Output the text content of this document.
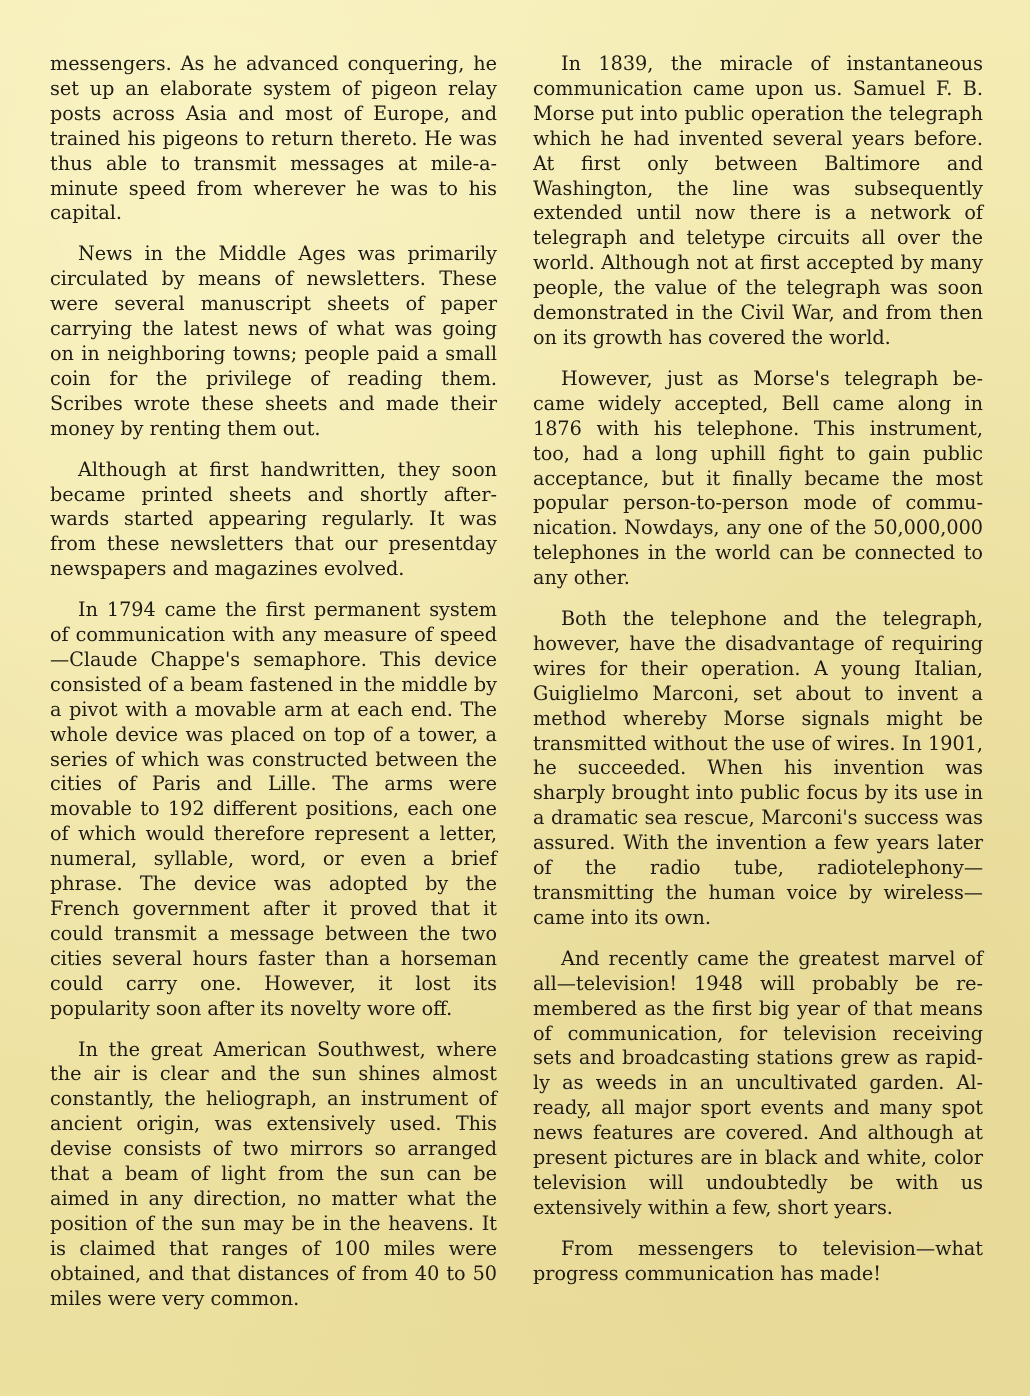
messengers. As he advanced conquering, he set up an elaborate system of pigeon relay posts across Asia and most of Europe, and trained his pigeons to return thereto. He was thus able to transmit messages at mile-a-minute speed from wherever he was to his capital.

News in the Middle Ages was primarily circulated by means of newsletters. These were several manuscript sheets of paper carrying the latest news of what was going on in neighboring towns; people paid a small coin for the privilege of reading them. Scribes wrote these sheets and made their money by renting them out.

Although at first handwritten, they soon became printed sheets and shortly afterwards started appearing regularly. It was from these newsletters that our presentday newspapers and magazines evolved.

In 1794 came the first permanent system of communication with any measure of speed—Claude Chappe's semaphore. This device consisted of a beam fastened in the middle by a pivot with a movable arm at each end. The whole device was placed on top of a tower, a series of which was constructed between the cities of Paris and Lille. The arms were movable to 192 different positions, each one of which would therefore represent a letter, numeral, syllable, word, or even a brief phrase. The device was adopted by the French government after it proved that it could transmit a message between the two cities several hours faster than a horseman could carry one. However, it lost its popularity soon after its novelty wore off.

In the great American Southwest, where the air is clear and the sun shines almost constantly, the heliograph, an instrument of ancient origin, was extensively used. This devise consists of two mirrors so arranged that a beam of light from the sun can be aimed in any direction, no matter what the position of the sun may be in the heavens. It is claimed that ranges of 100 miles were obtained, and that distances of from 40 to 50 miles were very common.

In 1839, the miracle of instantaneous communication came upon us. Samuel F. B. Morse put into public operation the telegraph which he had invented several years before. At first only between Baltimore and Washington, the line was subsequently extended until now there is a network of telegraph and teletype circuits all over the world. Although not at first accepted by many people, the value of the telegraph was soon demonstrated in the Civil War, and from then on its growth has covered the world.

However, just as Morse's telegraph became widely accepted, Bell came along in 1876 with his telephone. This instrument, too, had a long uphill fight to gain public acceptance, but it finally became the most popular person-to-person mode of communication. Nowdays, any one of the 50,000,000 telephones in the world can be connected to any other.

Both the telephone and the telegraph, however, have the disadvantage of requiring wires for their operation. A young Italian, Guiglielmo Marconi, set about to invent a method whereby Morse signals might be transmitted without the use of wires. In 1901, he succeeded. When his invention was sharply brought into public focus by its use in a dramatic sea rescue, Marconi's success was assured. With the invention a few years later of the radio tube, radiotelephony—transmitting the human voice by wireless—came into its own.

And recently came the greatest marvel of all—television! 1948 will probably be remembered as the first big year of that means of communication, for television receiving sets and broadcasting stations grew as rapidly as weeds in an uncultivated garden. Already, all major sport events and many spot news features are covered. And although at present pictures are in black and white, color television will undoubtedly be with us extensively within a few, short years.

From messengers to television—what progress communication has made!
